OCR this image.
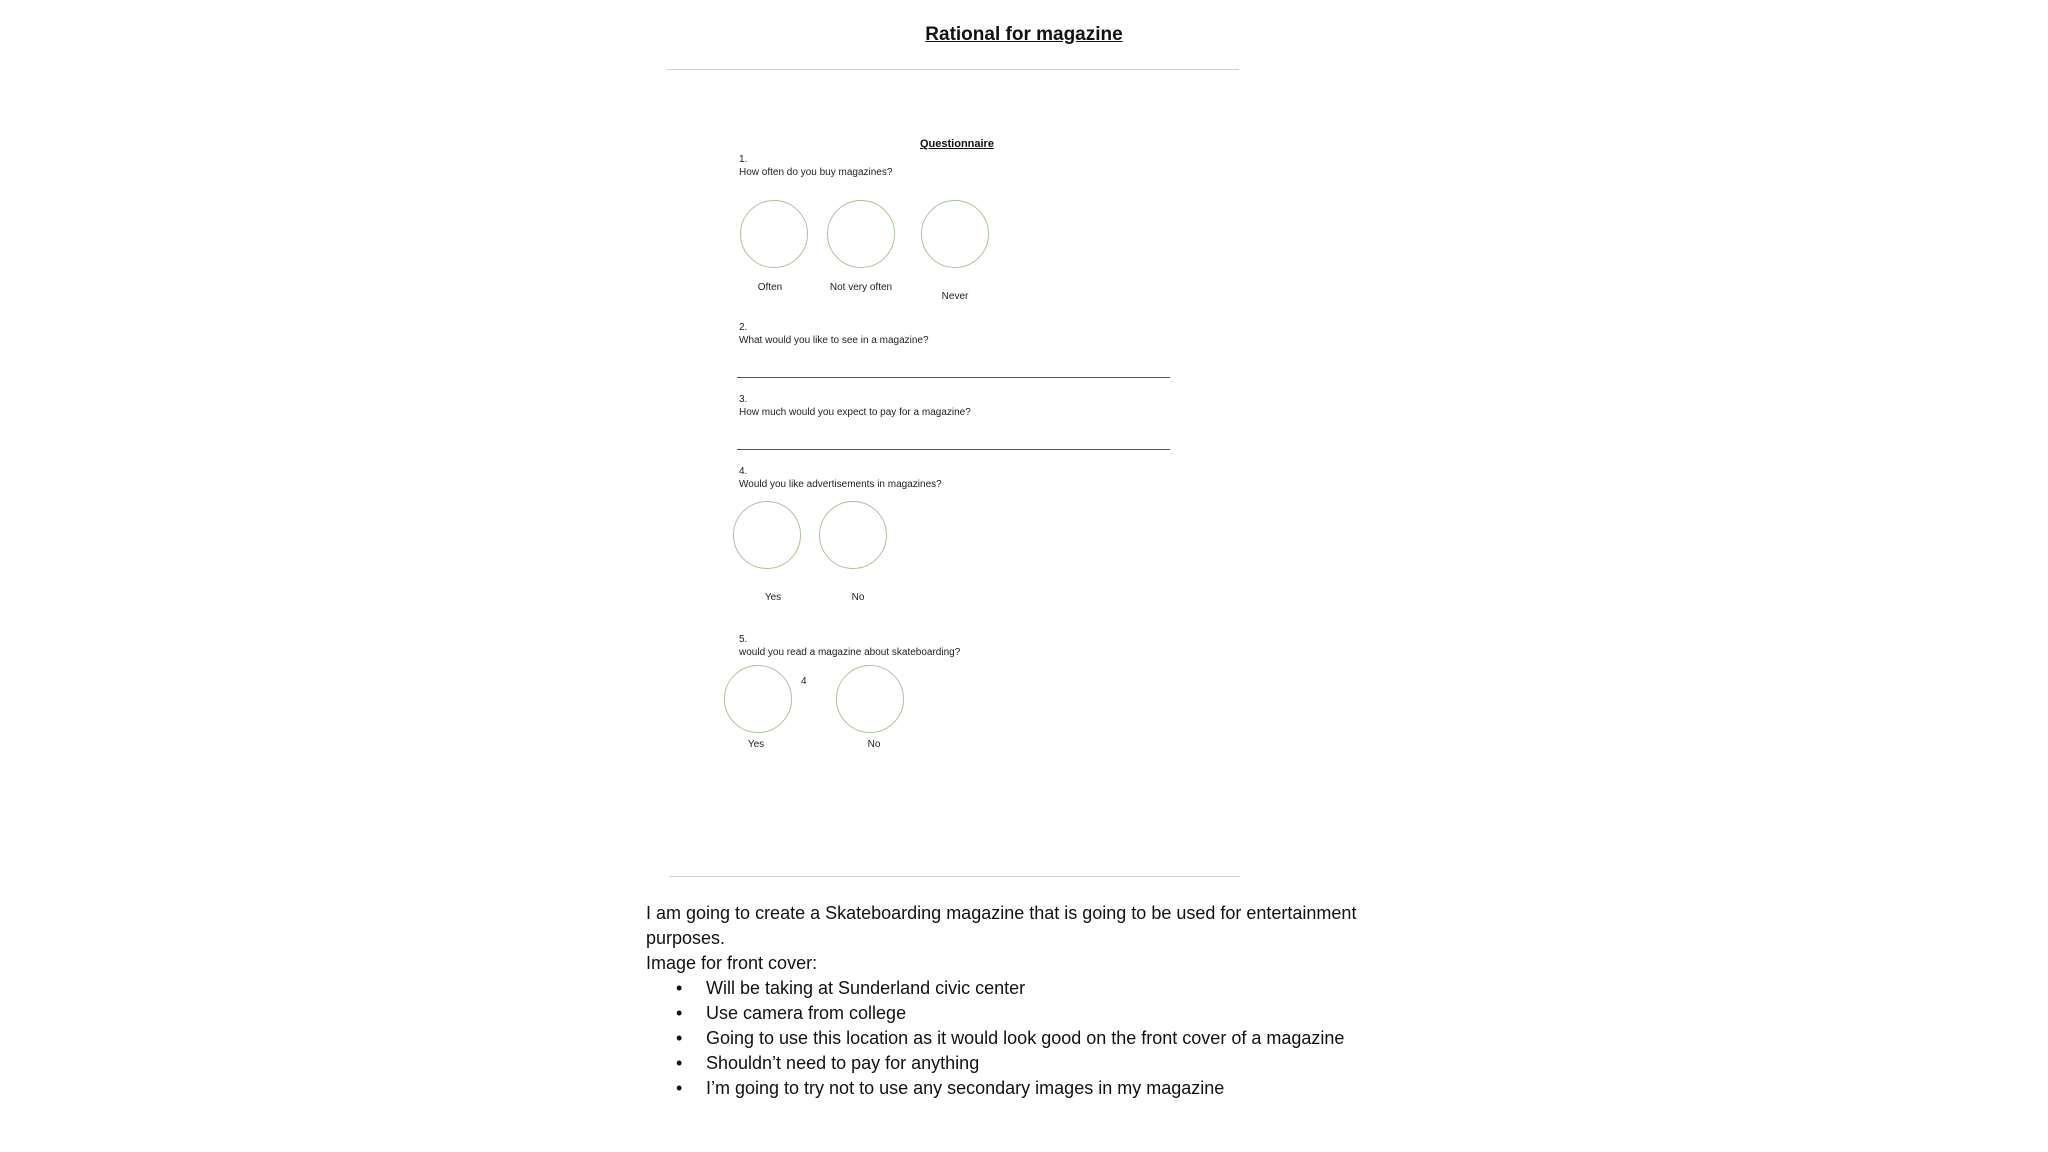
Rational for magazine
Questionnaire
1.
How often do you buy magazines?
Often	Not very often
Never
2.
What would you like to see in a magazine?
3.
How much would you expect to pay for a magazine?
4.
Would you like advertisements in magazines?
Yes	No
5.
would you read a magazine about skateboarding?
4
Yes	No

I am going to create a Skateboarding magazine that is going to be used for entertainment purposes.

Image for front cover:

• Will be taking at Sunderland civic center
• Use camera from college
• Going to use this location as it would look good on the front cover of a magazine
• Shouldn’t need to pay for anything
• I’m going to try not to use any secondary images in my magazine
